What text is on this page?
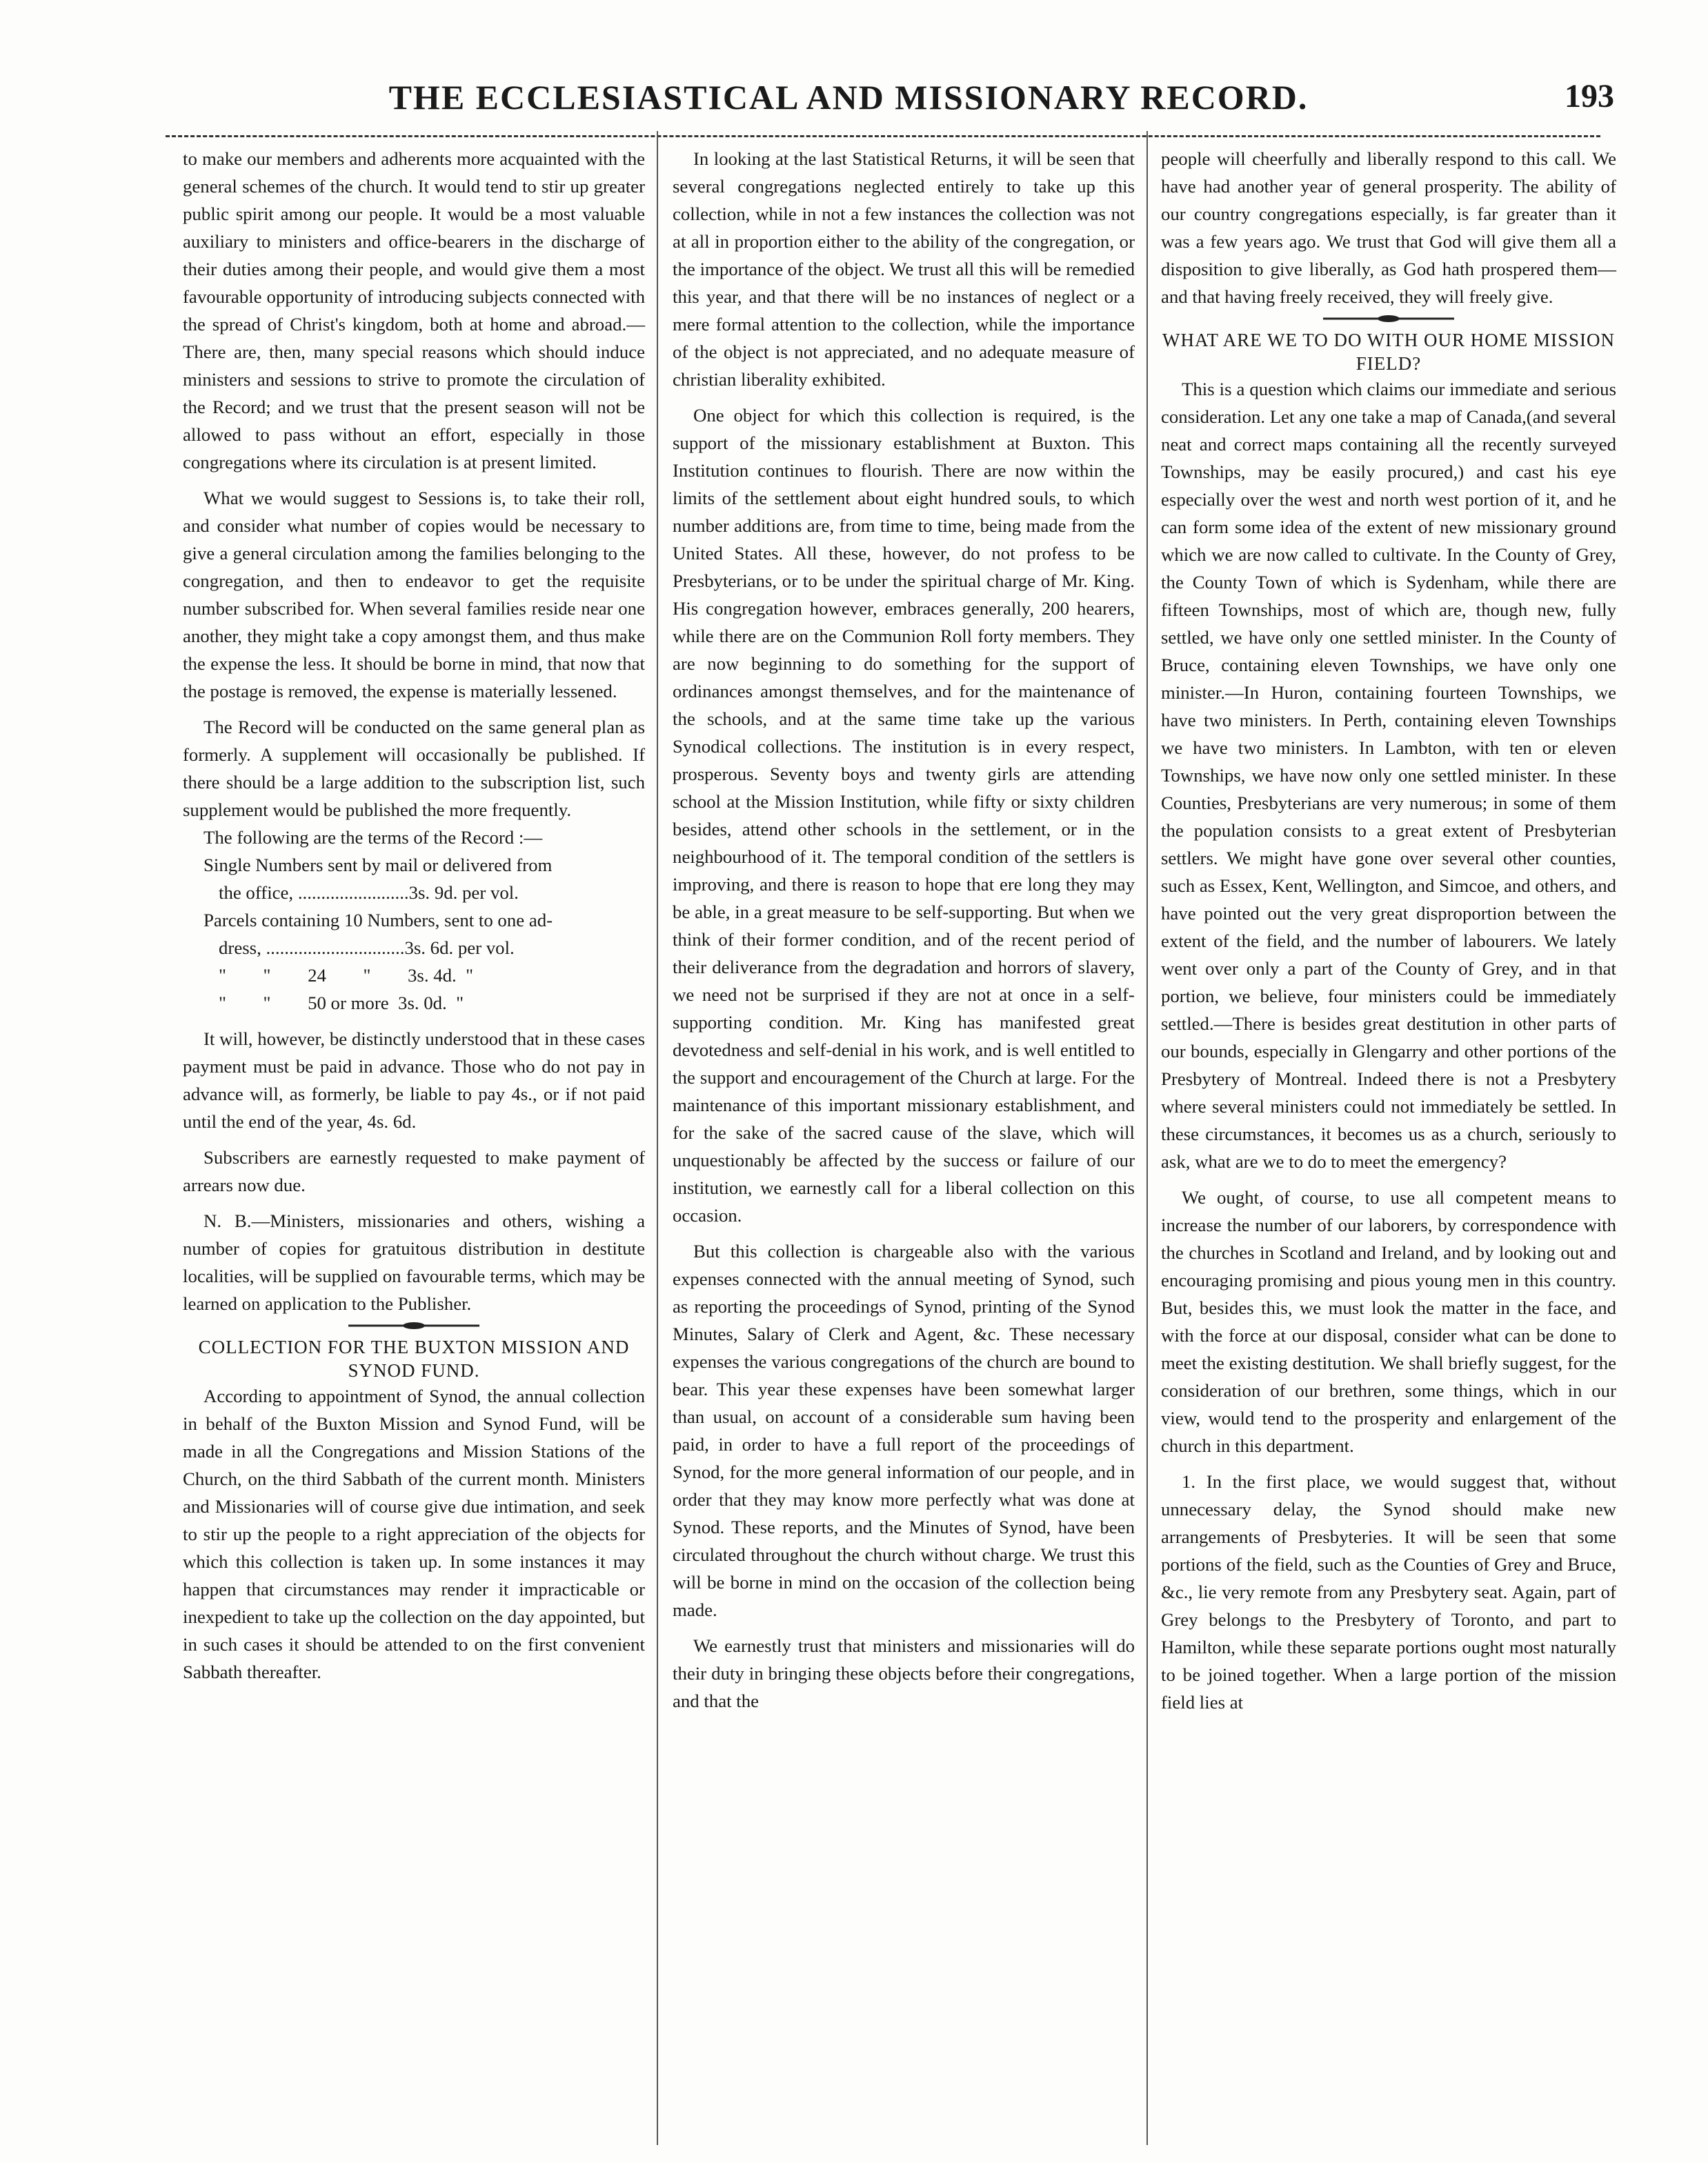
THE ECCLESIASTICAL AND MISSIONARY RECORD.	193

to make our members and adherents more acquainted with the general schemes of the church. It would tend to stir up greater public spirit among our people. It would be a most valuable auxiliary to ministers and office-bearers in the discharge of their duties among their people, and would give them a most favourable opportunity of introducing subjects connected with the spread of Christ's kingdom, both at home and abroad.—There are, then, many special reasons which should induce ministers and sessions to strive to promote the circulation of the Record; and we trust that the present season will not be allowed to pass without an effort, especially in those congregations where its circulation is at present limited.

What we would suggest to Sessions is, to take their roll, and consider what number of copies would be necessary to give a general circulation among the families belonging to the congregation, and then to endeavor to get the requisite number subscribed for. When several families reside near one another, they might take a copy amongst them, and thus make the expense the less. It should be borne in mind, that now that the postage is removed, the expense is materially lessened.

The Record will be conducted on the same general plan as formerly. A supplement will occasionally be published. If there should be a large addition to the subscription list, such supplement would be published the more frequently.

The following are the terms of the Record :—

Single Numbers sent by mail or delivered from

the office, ........................3s. 9d. per vol.

Parcels containing 10 Numbers, sent to one ad-

dress, ..............................3s. 6d. per vol.

"        "        24        "        3s. 4d.  "

"        "        50 or more  3s. 0d.  "

It will, however, be distinctly understood that in these cases payment must be paid in advance. Those who do not pay in advance will, as formerly, be liable to pay 4s., or if not paid until the end of the year, 4s. 6d.

Subscribers are earnestly requested to make payment of arrears now due.

N. B.—Ministers, missionaries and others, wishing a number of copies for gratuitous distribution in destitute localities, will be supplied on favourable terms, which may be learned on application to the Publisher.

COLLECTION FOR THE BUXTON MISSION AND SYNOD FUND.

According to appointment of Synod, the annual collection in behalf of the Buxton Mission and Synod Fund, will be made in all the Congregations and Mission Stations of the Church, on the third Sabbath of the current month. Ministers and Missionaries will of course give due intimation, and seek to stir up the people to a right appreciation of the objects for which this collection is taken up. In some instances it may happen that circumstances may render it impracticable or inexpedient to take up the collection on the day appointed, but in such cases it should be attended to on the first convenient Sabbath thereafter.

In looking at the last Statistical Returns, it will be seen that several congregations neglected entirely to take up this collection, while in not a few instances the collection was not at all in proportion either to the ability of the congregation, or the importance of the object. We trust all this will be remedied this year, and that there will be no instances of neglect or a mere formal attention to the collection, while the importance of the object is not appreciated, and no adequate measure of christian liberality exhibited.

One object for which this collection is required, is the support of the missionary establishment at Buxton. This Institution continues to flourish. There are now within the limits of the settlement about eight hundred souls, to which number additions are, from time to time, being made from the United States. All these, however, do not profess to be Presbyterians, or to be under the spiritual charge of Mr. King. His congregation however, embraces generally, 200 hearers, while there are on the Communion Roll forty members. They are now beginning to do something for the support of ordinances amongst themselves, and for the maintenance of the schools, and at the same time take up the various Synodical collections. The institution is in every respect, prosperous. Seventy boys and twenty girls are attending school at the Mission Institution, while fifty or sixty children besides, attend other schools in the settlement, or in the neighbourhood of it. The temporal condition of the settlers is improving, and there is reason to hope that ere long they may be able, in a great measure to be self-supporting. But when we think of their former condition, and of the recent period of their deliverance from the degradation and horrors of slavery, we need not be surprised if they are not at once in a self-supporting condition. Mr. King has manifested great devotedness and self-denial in his work, and is well entitled to the support and encouragement of the Church at large. For the maintenance of this important missionary establishment, and for the sake of the sacred cause of the slave, which will unquestionably be affected by the success or failure of our institution, we earnestly call for a liberal collection on this occasion.

But this collection is chargeable also with the various expenses connected with the annual meeting of Synod, such as reporting the proceedings of Synod, printing of the Synod Minutes, Salary of Clerk and Agent, &c. These necessary expenses the various congregations of the church are bound to bear. This year these expenses have been somewhat larger than usual, on account of a considerable sum having been paid, in order to have a full report of the proceedings of Synod, for the more general information of our people, and in order that they may know more perfectly what was done at Synod. These reports, and the Minutes of Synod, have been circulated throughout the church without charge. We trust this will be borne in mind on the occasion of the collection being made.

We earnestly trust that ministers and missionaries will do their duty in bringing these objects before their congregations, and that the

people will cheerfully and liberally respond to this call. We have had another year of general prosperity. The ability of our country congregations especially, is far greater than it was a few years ago. We trust that God will give them all a disposition to give liberally, as God hath prospered them—and that having freely received, they will freely give.

WHAT ARE WE TO DO WITH OUR HOME MISSION FIELD?

This is a question which claims our immediate and serious consideration. Let any one take a map of Canada,(and several neat and correct maps containing all the recently surveyed Townships, may be easily procured,) and cast his eye especially over the west and north west portion of it, and he can form some idea of the extent of new missionary ground which we are now called to cultivate. In the County of Grey, the County Town of which is Sydenham, while there are fifteen Townships, most of which are, though new, fully settled, we have only one settled minister. In the County of Bruce, containing eleven Townships, we have only one minister.—In Huron, containing fourteen Townships, we have two ministers. In Perth, containing eleven Townships we have two ministers. In Lambton, with ten or eleven Townships, we have now only one settled minister. In these Counties, Presbyterians are very numerous; in some of them the population consists to a great extent of Presbyterian settlers. We might have gone over several other counties, such as Essex, Kent, Wellington, and Simcoe, and others, and have pointed out the very great disproportion between the extent of the field, and the number of labourers. We lately went over only a part of the County of Grey, and in that portion, we believe, four ministers could be immediately settled.—There is besides great destitution in other parts of our bounds, especially in Glengarry and other portions of the Presbytery of Montreal. Indeed there is not a Presbytery where several ministers could not immediately be settled. In these circumstances, it becomes us as a church, seriously to ask, what are we to do to meet the emergency?

We ought, of course, to use all competent means to increase the number of our laborers, by correspondence with the churches in Scotland and Ireland, and by looking out and encouraging promising and pious young men in this country. But, besides this, we must look the matter in the face, and with the force at our disposal, consider what can be done to meet the existing destitution. We shall briefly suggest, for the consideration of our brethren, some things, which in our view, would tend to the prosperity and enlargement of the church in this department.

1. In the first place, we would suggest that, without unnecessary delay, the Synod should make new arrangements of Presbyteries. It will be seen that some portions of the field, such as the Counties of Grey and Bruce, &c., lie very remote from any Presbytery seat. Again, part of Grey belongs to the Presbytery of Toronto, and part to Hamilton, while these separate portions ought most naturally to be joined together. When a large portion of the mission field lies at
